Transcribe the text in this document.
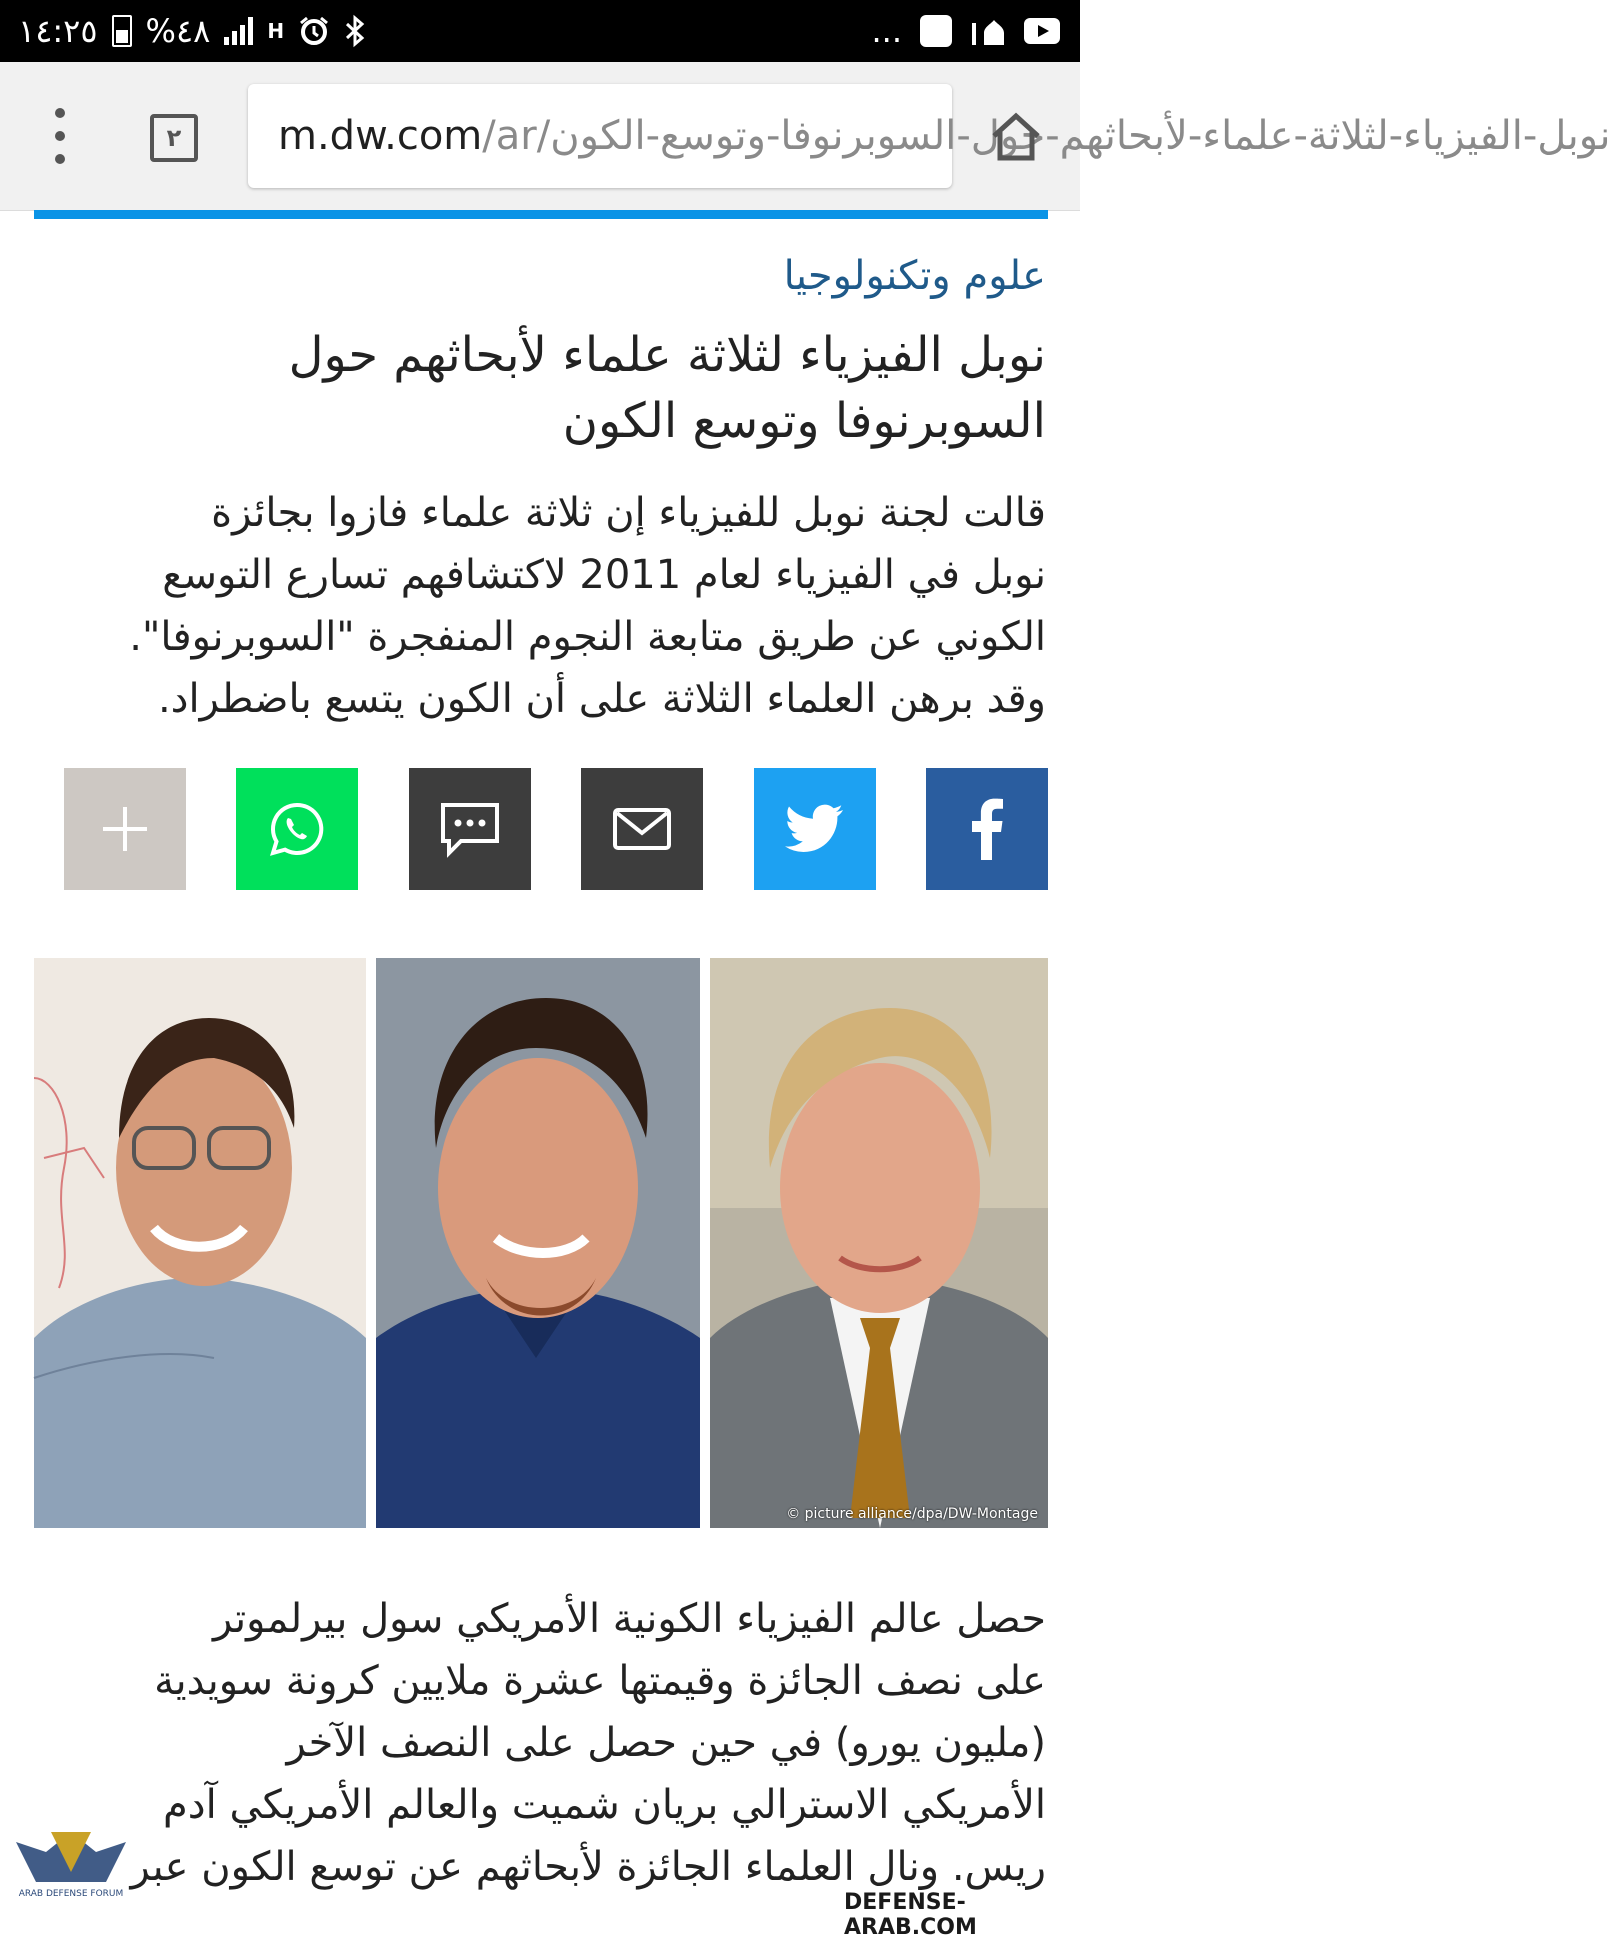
١٤:٢٥ %٤٨	H	...
٢	m.dw.com/ar/نوبل-الفيزياء-لثلاثة-علماء-لأبحاثهم-حول-السوبرنوفا-وتوسع-الكون
علوم وتكنولوجيا
نوبل الفيزياء لثلاثة علماء لأبحاثهم حول
السوبرنوفا وتوسع الكون
قالت لجنة نوبل للفيزياء إن ثلاثة علماء فازوا بجائزة
نوبل في الفيزياء لعام 2011 لاكتشافهم تسارع التوسع
الكوني عن طريق متابعة النجوم المنفجرة "السوبرنوفا".
وقد برهن العلماء الثلاثة على أن الكون يتسع باضطراد.
© picture alliance/dpa/DW-Montage
حصل عالم الفيزياء الكونية الأمريكي سول بيرلموتر
على نصف الجائزة وقيمتها عشرة ملايين كرونة سويدية
(مليون يورو) في حين حصل على النصف الآخر
الأمريكي الاسترالي بريان شميت والعالم الأمريكي آدم
ريس. ونال العلماء الجائزة لأبحاثهم عن توسع الكون عبر
ARAB DEFENSE FORUM	DEFENSE-ARAB.COM
